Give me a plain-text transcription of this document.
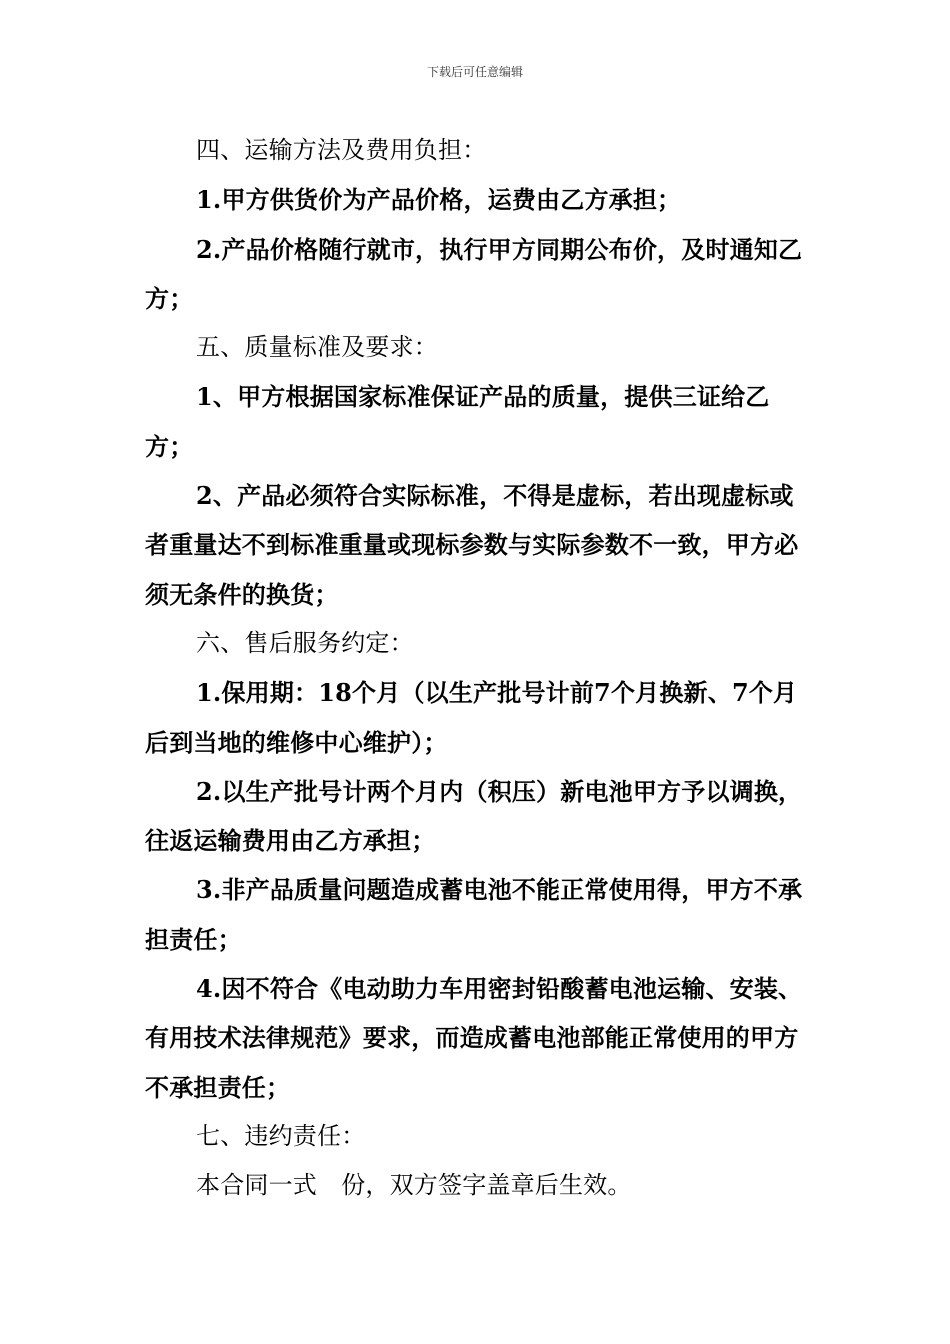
下载后可任意编辑

四、运输方法及费用负担：

1.甲方供货价为产品价格，运费由乙方承担；

2.产品价格随行就市，执行甲方同期公布价，及时通知乙方；

五、质量标准及要求：

1、甲方根据国家标准保证产品的质量，提供三证给乙方；

2、产品必须符合实际标准，不得是虚标，若出现虚标或者重量达不到标准重量或现标参数与实际参数不一致，甲方必须无条件的换货；

六、售后服务约定：

1.保用期：18个月（以生产批号计前7个月换新、7个月后到当地的维修中心维护）；

2.以生产批号计两个月内（积压）新电池甲方予以调换，往返运输费用由乙方承担；

3.非产品质量问题造成蓄电池不能正常使用得，甲方不承担责任；

4.因不符合《电动助力车用密封铅酸蓄电池运输、安装、有用技术法律规范》要求，而造成蓄电池部能正常使用的甲方不承担责任；

七、违约责任：

本合同一式　份，双方签字盖章后生效。
